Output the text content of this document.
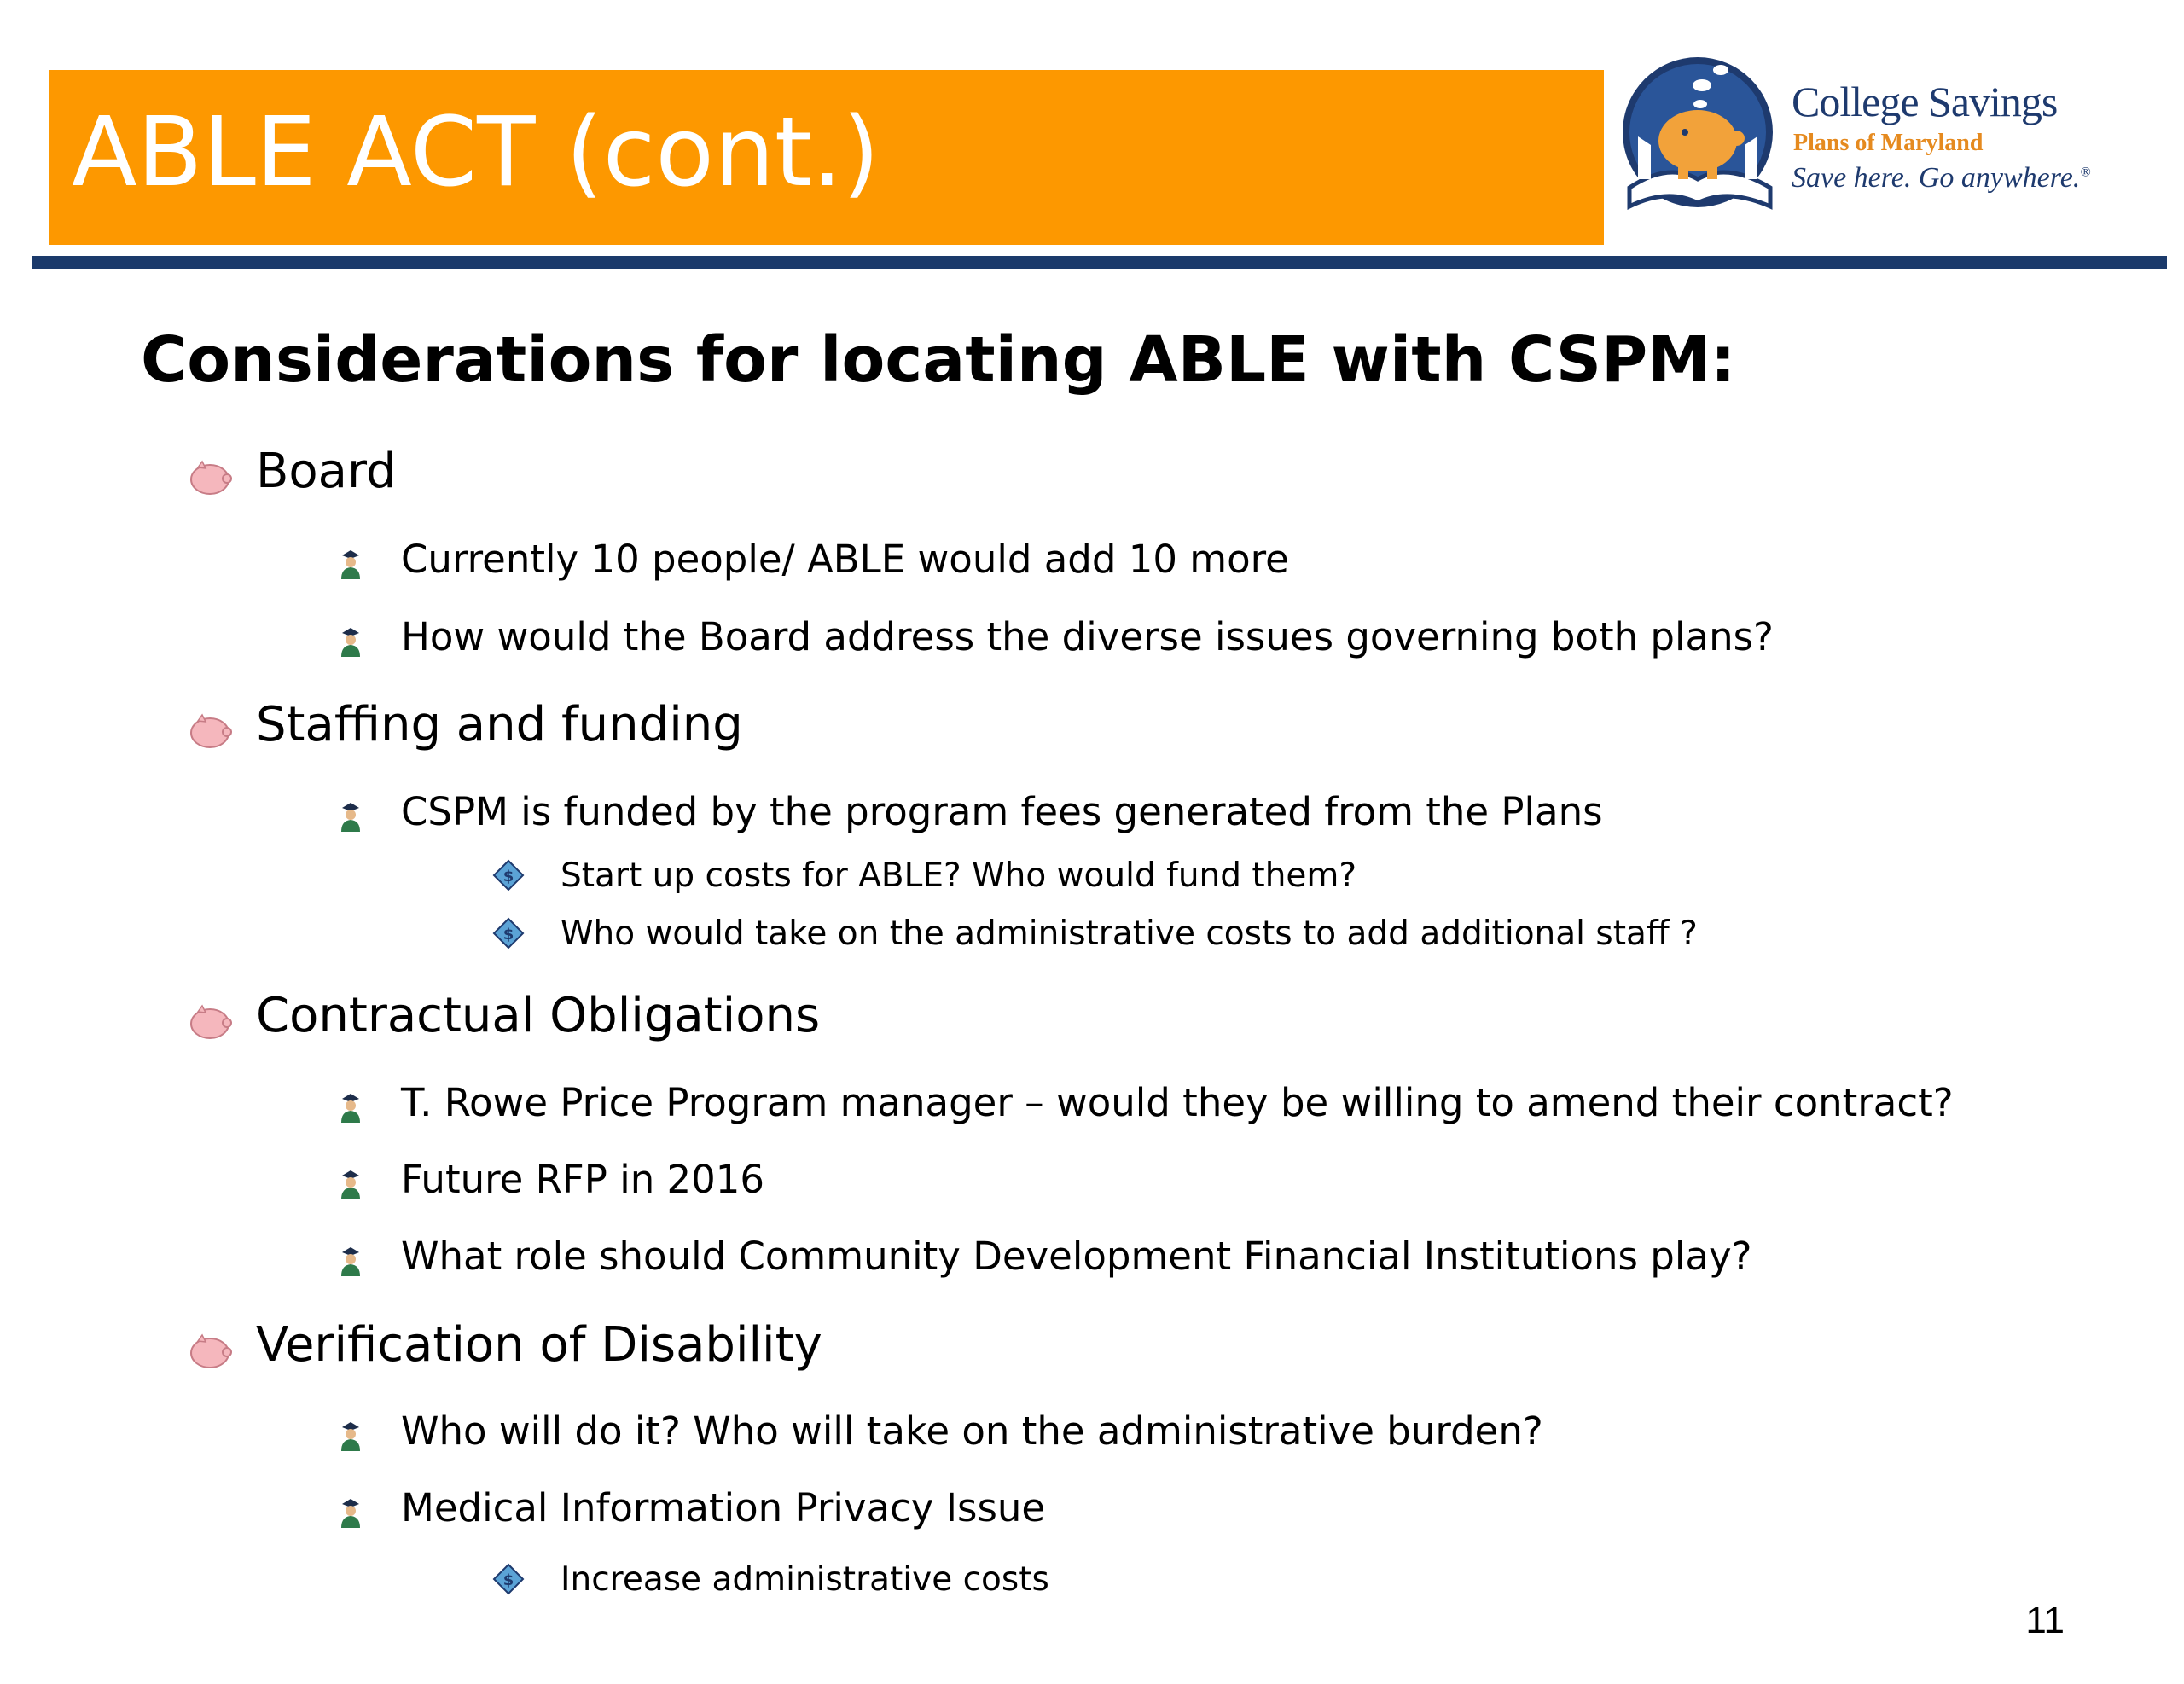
ABLE ACT (cont.)	College Savings
Plans of Maryland
Save here. Go anywhere.®
Considerations for locating ABLE with CSPM:
Board
Currently 10 people/ ABLE would add 10 more
How would the Board address the diverse issues governing both plans?
Staffing and funding
CSPM is funded by the program fees generated from the Plans
$ Start up costs for ABLE? Who would fund them?
$ Who would take on the administrative costs to add additional staff ?
Contractual Obligations
T. Rowe Price Program manager – would they be willing to amend their contract?
Future RFP in 2016
What role should Community Development Financial Institutions play?
Verification of Disability
Who will do it? Who will take on the administrative burden?
Medical Information Privacy Issue
$ Increase administrative costs
11
